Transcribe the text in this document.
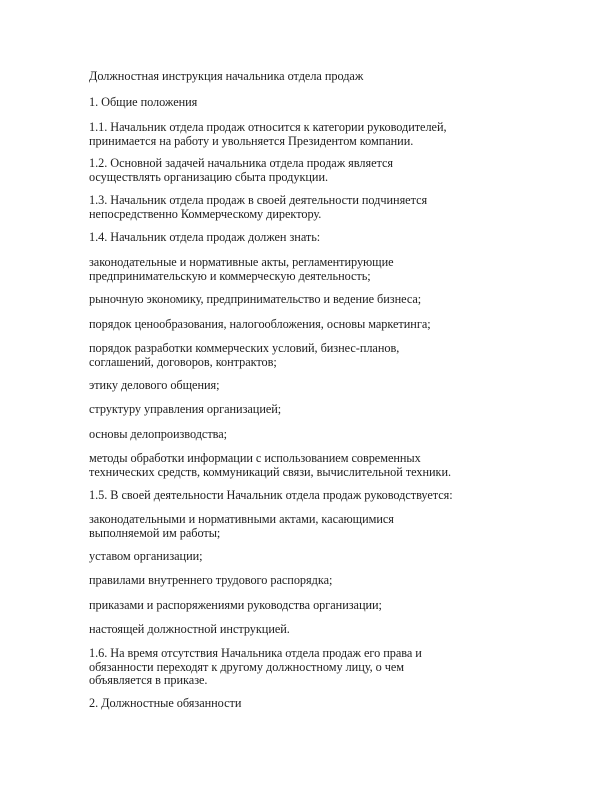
Должностная инструкция начальника отдела продаж

1. Общие положения

1.1. Начальник отдела продаж относится к категории руководителей,
принимается на работу и увольняется Президентом компании.

1.2. Основной задачей начальника отдела продаж является
осуществлять организацию сбыта продукции.

1.3. Начальник отдела продаж в своей деятельности подчиняется
непосредственно Коммерческому директору.

1.4. Начальник отдела продаж должен знать:

законодательные и нормативные акты, регламентирующие
предпринимательскую и коммерческую деятельность;

рыночную экономику, предпринимательство и ведение бизнеса;

порядок ценообразования, налогообложения, основы маркетинга;

порядок разработки коммерческих условий, бизнес-планов,
соглашений, договоров, контрактов;

этику делового общения;

структуру управления организацией;

основы делопроизводства;

методы обработки информации с использованием современных
технических средств, коммуникаций связи, вычислительной техники.

1.5. В своей деятельности Начальник отдела продаж руководствуется:

законодательными и нормативными актами, касающимися
выполняемой им работы;

уставом организации;

правилами внутреннего трудового распорядка;

приказами и распоряжениями руководства организации;

настоящей должностной инструкцией.

1.6. На время отсутствия Начальника отдела продаж его права и
обязанности переходят к другому должностному лицу, о чем
объявляется в приказе.

2. Должностные обязанности
